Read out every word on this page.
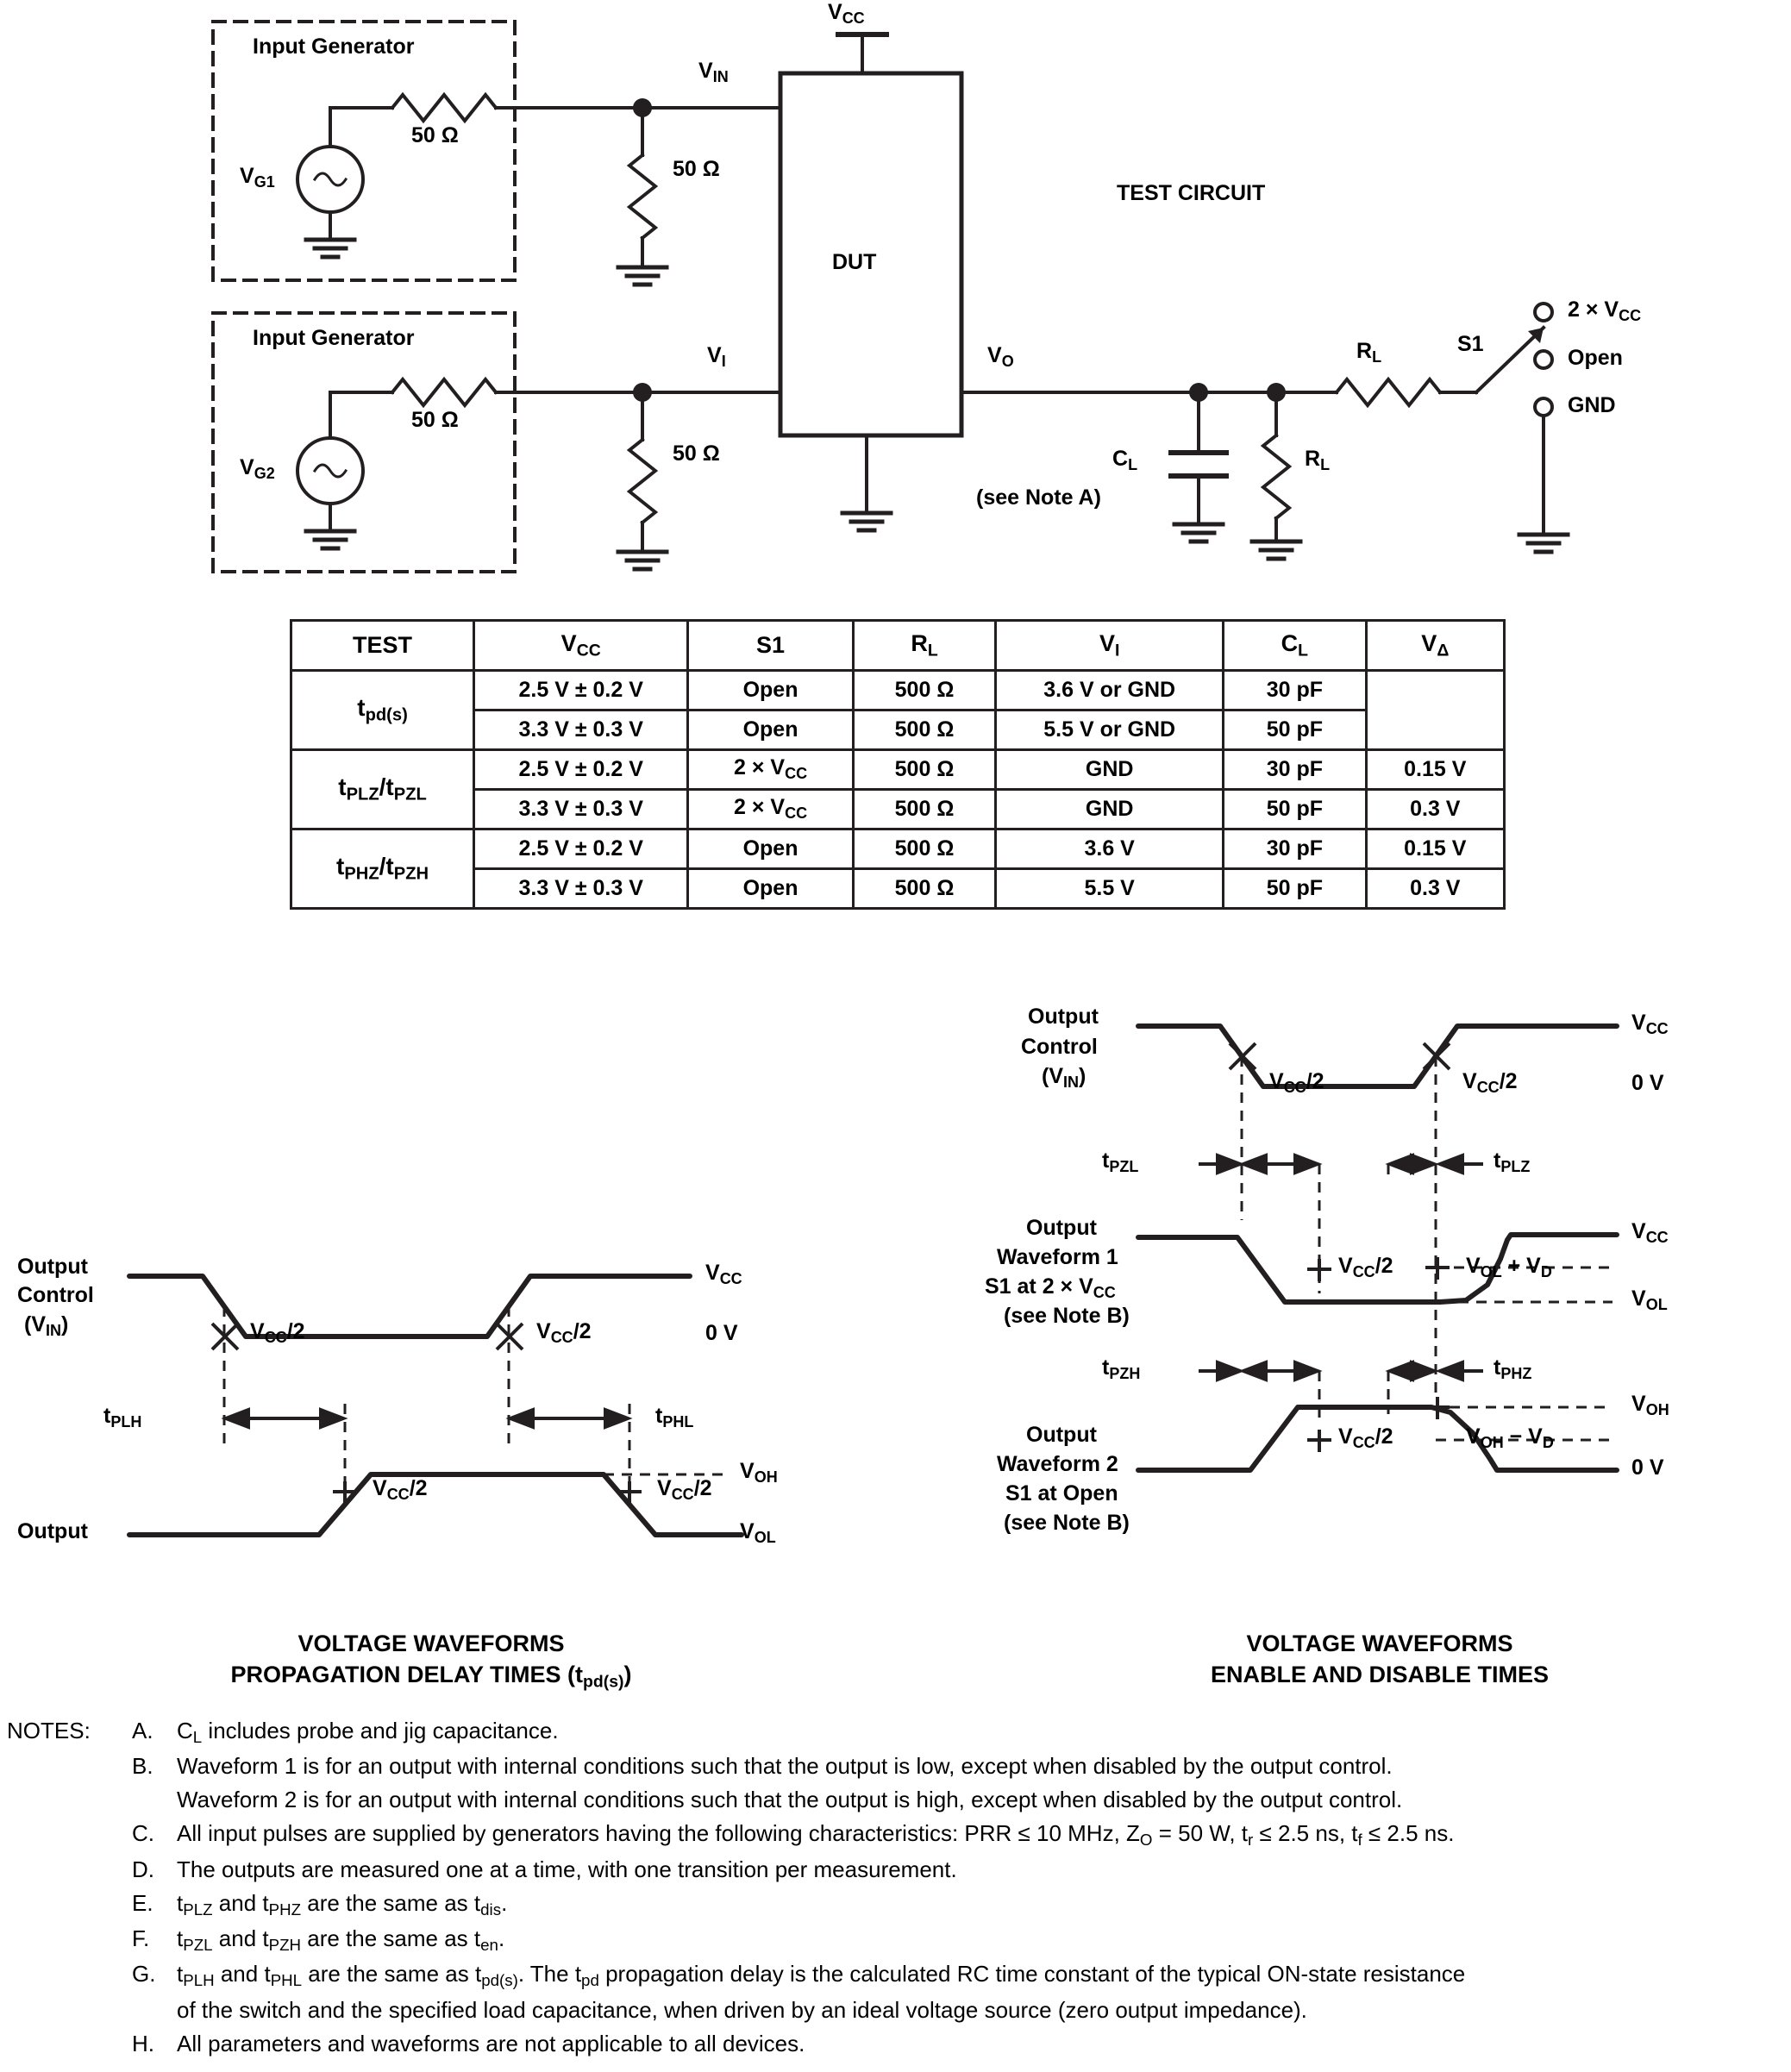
$V_{CC}$
TEST CIRCUIT
Input Generator
$V_{G1}$
50 Ω
50 Ω
$V_{IN}$
Input Generator
$V_{G2}$
50 Ω
50 Ω
$V_I$
DUT
$V_O$
$C_L$
(see Note A)
$R_L$
$R_L$
S1
$2 \times V_{CC}$
Open
GND
TEST	$V_{CC}$	S1	$R_L$	$V_I$	$C_L$	$V_\Delta$
$t_{pd(s)}$	2.5 V ± 0.2 V	Open	500 Ω	3.6 V or GND	30 pF	
	3.3 V ± 0.3 V	Open	500 Ω	5.5 V or GND	50 pF	
$t_{PLZ}/t_{PZL}$	2.5 V ± 0.2 V	$2 \times V_{CC}$	500 Ω	GND	30 pF	0.15 V
	3.3 V ± 0.3 V	$2 \times V_{CC}$	500 Ω	GND	50 pF	0.3 V
$t_{PHZ}/t_{PZH}$	2.5 V ± 0.2 V	Open	500 Ω	3.6 V	30 pF	0.15 V
	3.3 V ± 0.3 V	Open	500 Ω	5.5 V	50 pF	0.3 V
Output
Control
$(V_{IN})$
$V_{CC}$
0 V
$V_{CC}/2$	$V_{CC}/2$
$t_{PLH}$	$t_{PHL}$
Output
$V_{CC}/2$	$V_{CC}/2$
$V_{OH}$
$V_{OL}$
VOLTAGE WAVEFORMS
PROPAGATION DELAY TIMES $(t_{pd(s)})$
Output
Control
$(V_{IN})$
$V_{CC}$
0 V
$V_{CC}/2$	$V_{CC}/2$
$t_{PZL}$	$t_{PLZ}$
Output
Waveform 1
S1 at $2 \times V_{CC}$
(see Note B)
$V_{CC}/2$
$V_{CC}$
$V_{OL} + V_D$
$V_{OL}$
$t_{PZH}$	$t_{PHZ}$
Output
Waveform 2
S1 at Open
(see Note B)
$V_{CC}/2$
$V_{OH}$
$V_{OH} - V_D$
0 V
VOLTAGE WAVEFORMS
ENABLE AND DISABLE TIMES
NOTES:	A.	$C_L$ includes probe and jig capacitance.
B.	Waveform 1 is for an output with internal conditions such that the output is low, except when disabled by the output control.
Waveform 2 is for an output with internal conditions such that the output is high, except when disabled by the output control.
C.	All input pulses are supplied by generators having the following characteristics: PRR ≤ 10 MHz, $Z_O = 50$ W, $t_r \le 2.5$ ns, $t_f \le 2.5$ ns.
D.	The outputs are measured one at a time, with one transition per measurement.
E.	$t_{PLZ}$ and $t_{PHZ}$ are the same as $t_{dis}$.
F.	$t_{PZL}$ and $t_{PZH}$ are the same as $t_{en}$.
G. $t_{PLH}$ and $t_{PHL}$ are the same as $t_{pd(s)}$. The $t_{pd}$ propagation delay is the calculated RC time constant of the typical ON-state resistance
of the switch and the specified load capacitance, when driven by an ideal voltage source (zero output impedance).
H.	All parameters and waveforms are not applicable to all devices.
